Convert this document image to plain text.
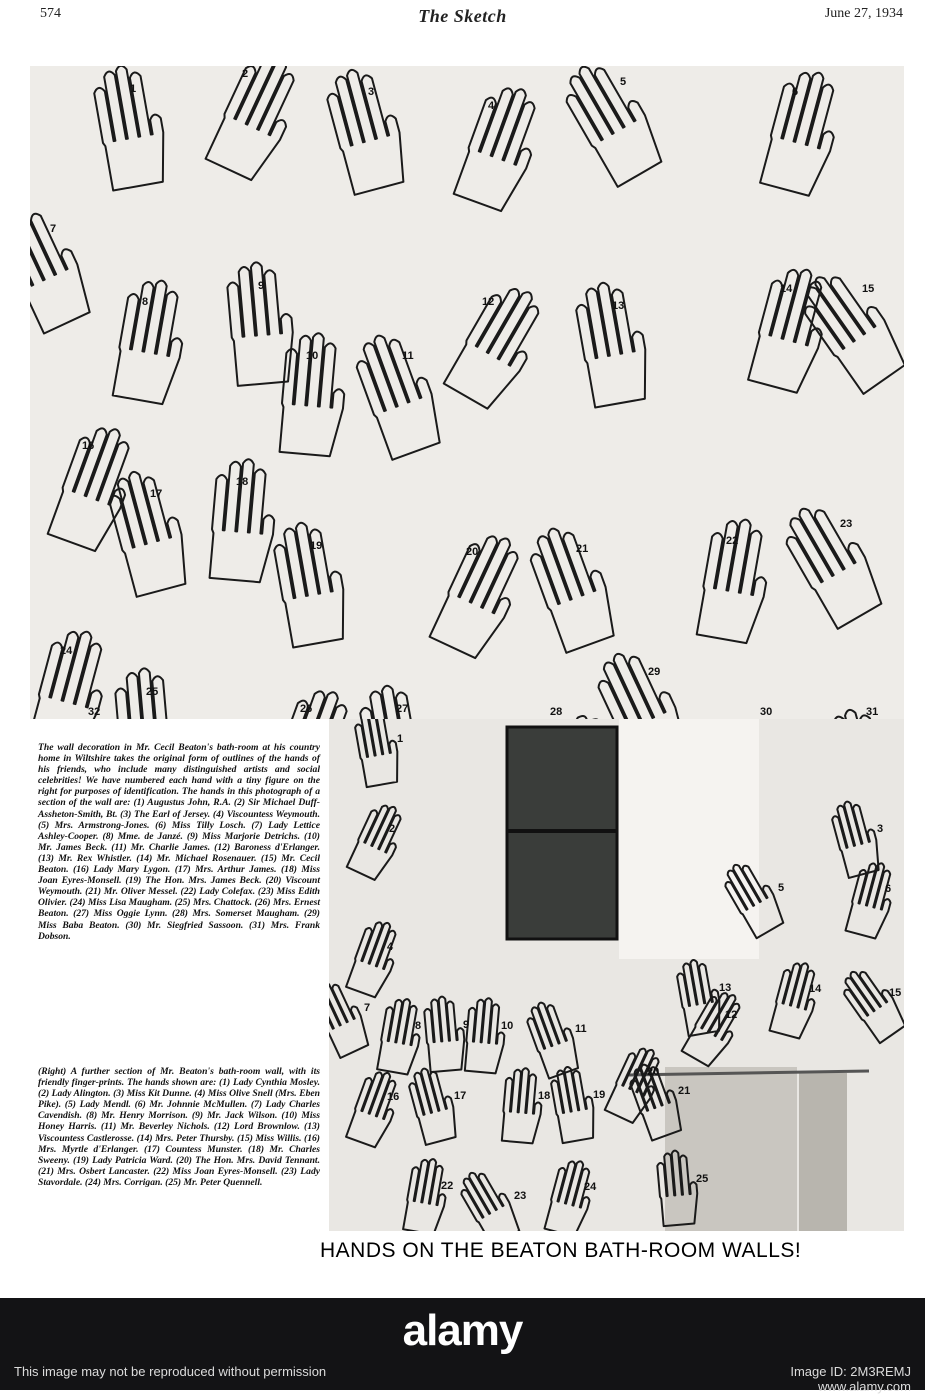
574	The Sketch	June 27, 1934
1
2
3
4
5
6
7
8
9
10	11
12	13
14	15
16
17
18
19	20	21
22
23
24
25
26	27	28
29
30	31
32
1
2	3
4
5	6
7
8	9	10	11
12
13	14	15
16	17	18	19
20
21
22
23
24
25
The wall decoration in Mr. Cecil Beaton's bath-room at his country home in Wiltshire takes the original form of outlines of the hands of his friends, who include many distinguished artists and social celebrities! We have numbered each hand with a tiny figure on the right for purposes of identification. The hands in this photograph of a section of the wall are: (1) Augustus John, R.A. (2) Sir Michael Duff-Assheton-Smith, Bt. (3) The Earl of Jersey. (4) Viscountess Weymouth. (5) Mrs. Armstrong-Jones. (6) Miss Tilly Losch. (7) Lady Lettice Ashley-Cooper. (8) Mme. de Janzé. (9) Miss Marjorie Detrichs. (10) Mr. James Beck. (11) Mr. Charlie James. (12) Baroness d'Erlanger. (13) Mr. Rex Whistler. (14) Mr. Michael Rosenauer. (15) Mr. Cecil Beaton. (16) Lady Mary Lygon. (17) Mrs. Arthur James. (18) Miss Joan Eyres-Monsell. (19) The Hon. Mrs. James Beck. (20) Viscount Weymouth. (21) Mr. Oliver Messel. (22) Lady Colefax. (23) Miss Edith Olivier. (24) Miss Lisa Maugham. (25) Mrs. Chattock. (26) Mrs. Ernest Beaton. (27) Miss Oggie Lynn. (28) Mrs. Somerset Maugham. (29) Miss Baba Beaton. (30) Mr. Siegfried Sassoon. (31) Mrs. Frank Dobson.
(Right) A further section of Mr. Beaton's bath-room wall, with its friendly finger-prints. The hands shown are: (1) Lady Cynthia Mosley. (2) Lady Alington. (3) Miss Kit Dunne. (4) Miss Olive Snell (Mrs. Eben Pike). (5) Lady Mendl. (6) Mr. Johnnie McMullen. (7) Lady Charles Cavendish. (8) Mr. Henry Morrison. (9) Mr. Jack Wilson. (10) Miss Honey Harris. (11) Mr. Beverley Nichols. (12) Lord Brownlow. (13) Viscountess Castlerosse. (14) Mrs. Peter Thursby. (15) Miss Willis. (16) Mrs. Myrtle d'Erlanger. (17) Countess Munster. (18) Mr. Charles Sweeny. (19) Lady Patricia Ward. (20) The Hon. Mrs. David Tennant. (21) Mrs. Osbert Lancaster. (22) Miss Joan Eyres-Monsell. (23) Lady Stavordale. (24) Mrs. Corrigan. (25) Mr. Peter Quennell.
HANDS ON THE BEATON BATH-ROOM WALLS!
alamy
This image may not be reproduced without permission	Image ID: 2M3REMJ
www.alamy.com
